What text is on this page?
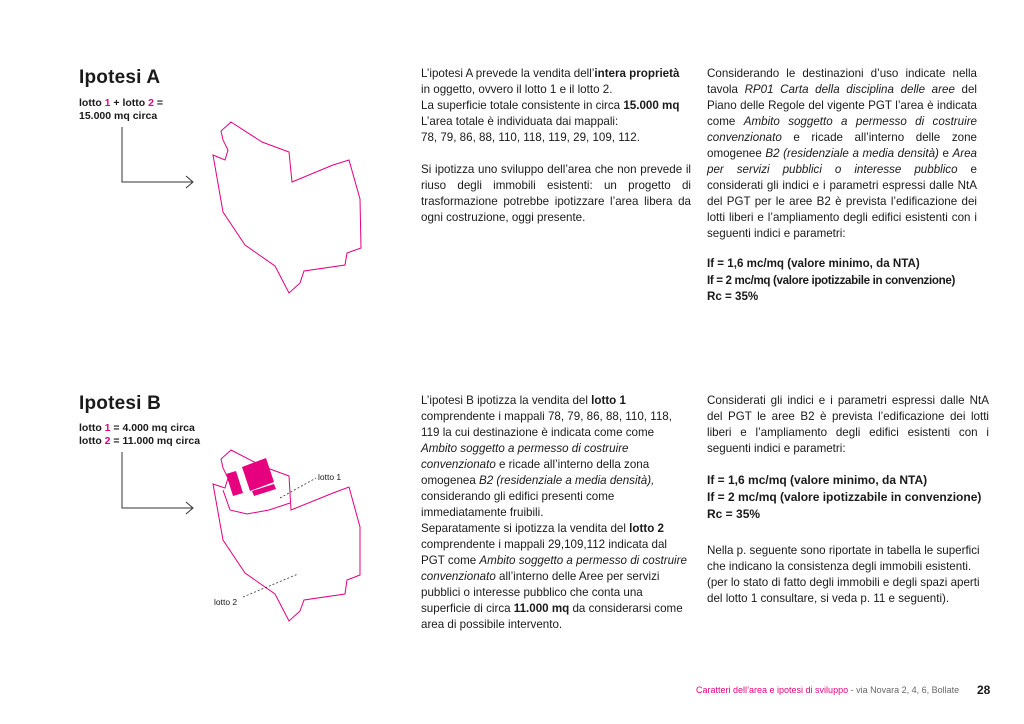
Ipotesi A
lotto 1 + lotto 2 =
15.000 mq circa
L’ipotesi A prevede la vendita dell’intera proprietà in oggetto, ovvero il lotto 1 e il lotto 2.
La superficie totale consistente in circa 15.000 mq
L’area totale è individuata dai mappali:
78, 79, 86, 88, 110, 118, 119, 29, 109, 112.
Si ipotizza uno sviluppo dell’area che non prevede il riuso degli immobili esistenti: un progetto di trasformazione potrebbe ipotizzare l’area libera da ogni costruzione, oggi presente.
Considerando le destinazioni d’uso indicate nella tavola RP01 Carta della disciplina delle aree del Piano delle Regole del vigente PGT l’area è indicata come Ambito soggetto a permesso di costruire convenzionato e ricade all’interno delle zone omogenee B2 (residenziale a media densità) e Area per servizi pubblici o interesse pubblico e considerati gli indici e i parametri espressi dalle NtA del PGT per le aree B2 è prevista l’edificazione dei lotti liberi e l’ampliamento degli edifici esistenti con i seguenti indici e parametri:
If = 1,6 mc/mq (valore minimo, da NTA)
If = 2 mc/mq (valore ipotizzabile in convenzione)
Rc = 35%
Ipotesi B
lotto 1 = 4.000 mq circa
lotto 2 = 11.000 mq circa
lotto 1
lotto 2
L’ipotesi B ipotizza la vendita del lotto 1 comprendente i mappali 78, 79, 86, 88, 110, 118, 119 la cui destinazione è indicata come come Ambito soggetto a permesso di costruire convenzionato e ricade all’interno della zona omogenea B2 (residenziale a media densità), considerando gli edifici presenti come immediatamente fruibili.
Separatamente si ipotizza la vendita del lotto 2 comprendente i mappali 29,109,112 indicata dal PGT come Ambito soggetto a permesso di costruire convenzionato all’interno delle Aree per servizi pubblici o interesse pubblico che conta una superficie di circa 11.000 mq da considerarsi come area di possibile intervento.
Considerati gli indici e i parametri espressi dalle NtA del PGT le aree B2 è prevista l’edificazione dei lotti liberi e l’ampliamento degli edifici esistenti con i seguenti indici e parametri:
If = 1,6 mc/mq (valore minimo, da NTA)
If = 2 mc/mq (valore ipotizzabile in convenzione)
Rc = 35%
Nella p. seguente sono riportate in tabella le superfici che indicano la consistenza degli immobili esistenti. (per lo stato di fatto degli immobili e degli spazi aperti del lotto 1 consultare, si veda p. 11 e seguenti).
Caratteri dell’area e ipotesi di sviluppo - via Novara 2, 4, 6, Bollate 28
